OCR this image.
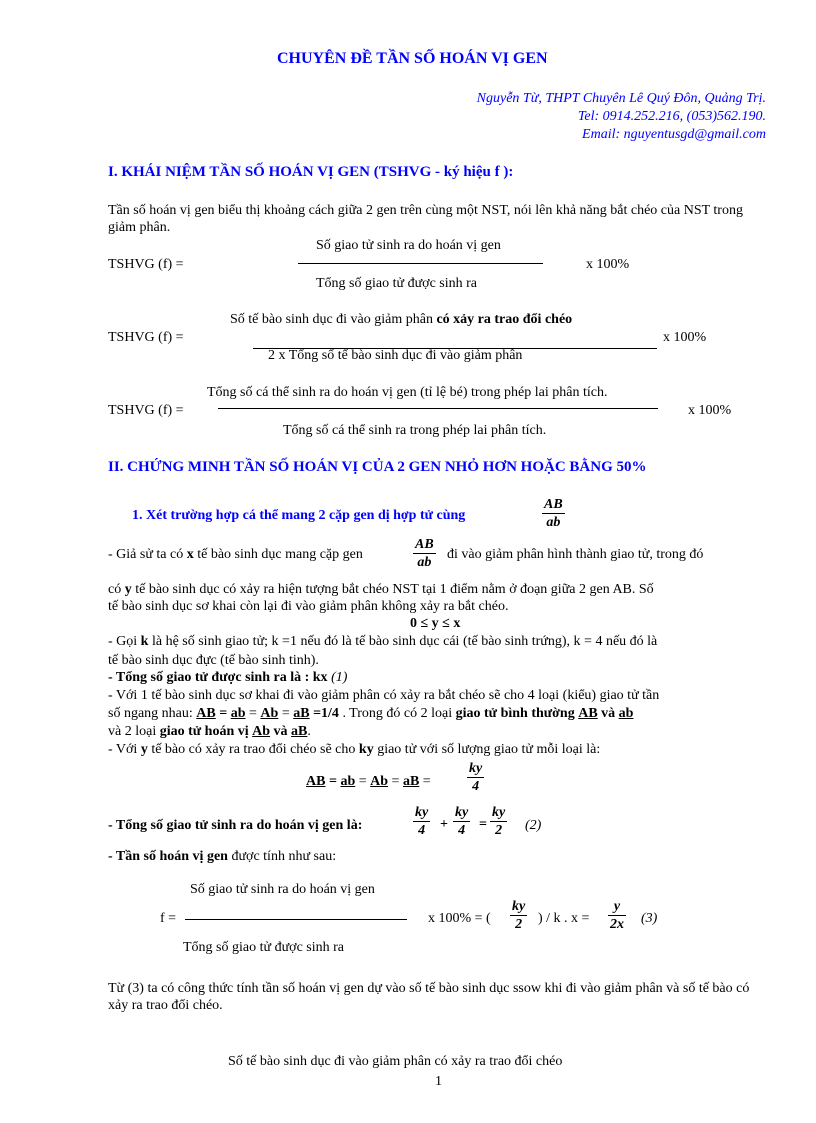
CHUYÊN ĐỀ TẦN SỐ HOÁN VỊ GEN
Nguyễn Từ, THPT Chuyên Lê Quý Đôn, Quảng Trị.
Tel: 0914.252.216, (053)562.190.
Email: nguyentusgd@gmail.com
I. KHÁI NIỆM TẦN SỐ HOÁN VỊ GEN (TSHVG - ký hiệu f ):
Tần số hoán vị gen biểu thị khoảng cách giữa 2 gen trên cùng một NST, nói lên khả năng bắt chéo của NST trong giảm phân.
TSHVG (f) =
Số giao tử sinh ra do hoán vị gen
Tổng số giao tử được sinh ra
x 100%
TSHVG (f) =
Số tế bào sinh dục đi vào giảm phân có xảy ra trao đổi chéo
2 x Tổng số tế bào sinh dục đi vào giảm phân
x 100%
TSHVG (f) =
Tổng số cá thể sinh ra do hoán vị gen (tỉ lệ bé) trong phép lai phân tích.
Tổng số cá thể sinh ra trong phép lai phân tích.
x 100%
II. CHỨNG MINH TẦN SỐ HOÁN VỊ CỦA 2 GEN NHỎ HƠN HOẶC BẰNG 50%
1. Xét trường hợp cá thể mang 2 cặp gen dị hợp tử cùng	$\frac{AB}{ab}$
- Giả sử ta có x tế bào sinh dục mang cặp gen	$\frac{AB}{ab}$ đi vào giảm phân hình thành giao tử, trong đó
có y tế bào sinh dục có xảy ra hiện tượng bắt chéo NST tại 1 điểm nằm ở đoạn giữa 2 gen AB. Số
tế bào sinh dục sơ khai còn lại đi vào giảm phân không xảy ra bắt chéo.
0 ≤ y ≤ x
- Gọi k là hệ số sinh giao tử; k =1 nếu đó là tế bào sinh dục cái (tế bào sinh trứng), k = 4 nếu đó là
tế bào sinh dục đực (tế bào sinh tinh).
- Tổng số giao tử được sinh ra là : kx (1)
- Với 1 tế bào sinh dục sơ khai đi vào giảm phân có xảy ra bắt chéo sẽ cho 4 loại (kiểu) giao tử tần
số ngang nhau: AB = ab = Ab = aB =1/4 . Trong đó có 2 loại giao tử bình thường AB và ab
và 2 loại giao tử hoán vị Ab và aB.
- Với y tế bào có xảy ra trao đổi chéo sẽ cho ky giao tử với số lượng giao tử mỗi loại là:
AB = ab = Ab = aB =	$\frac{ky}{4}$
- Tổng số giao tử sinh ra do hoán vị gen là:	$\frac{ky}{4} + \frac{ky}{4} = \frac{ky}{2} (2)$
- Tần số hoán vị gen được tính như sau:
Số giao tử sinh ra do hoán vị gen
f =
Tổng số giao tử được sinh ra
x 100% = ( $\frac{ky}{2}$ ) / k . $x = \frac{y}{2x} (3)$
Từ (3) ta có công thức tính tần số hoán vị gen dự vào số tế bào sinh dục ssow khi đi vào giảm phân và số tế bào có xảy ra trao đổi chéo.
Số tế bào sinh dục đi vào giảm phân có xảy ra trao đổi chéo
1
